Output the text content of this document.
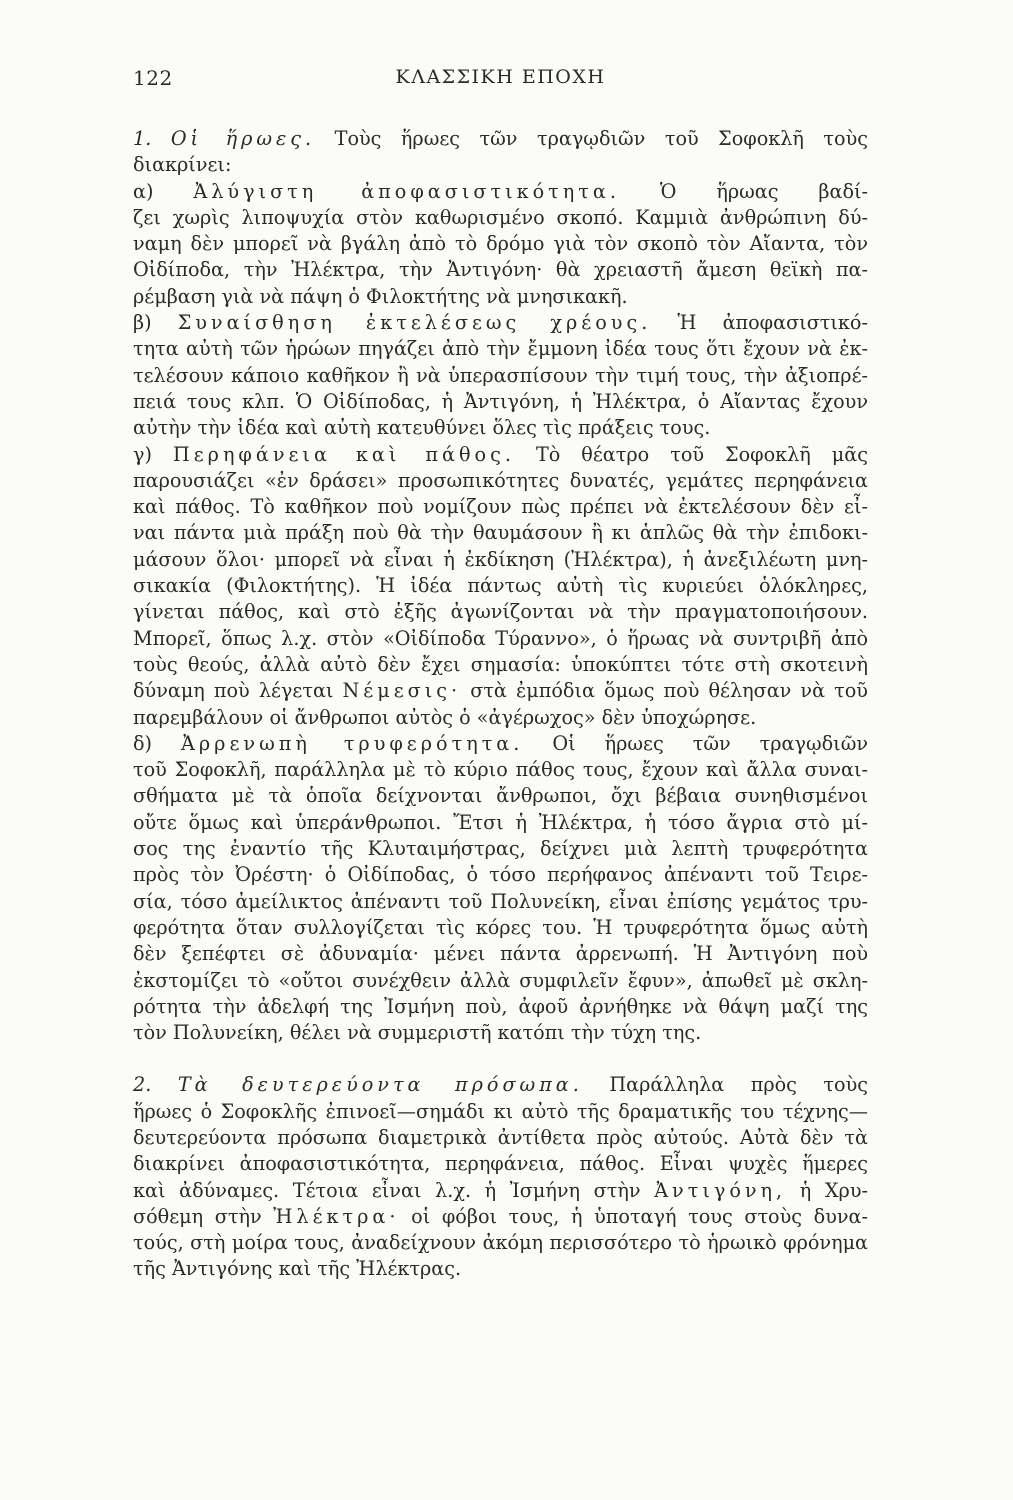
122	ΚΛΑΣΣΙΚΗ ΕΠΟΧΗ

1. Οἱ ἥρωες. Τοὺς ἥρωες τῶν τραγῳδιῶν τοῦ Σοφοκλῆ τοὺς
διακρίνει:

α) Ἀλύγιστη ἀποφασιστικότητα. Ὁ ἥρωας βαδί-
ζει χωρὶς λιποψυχία στὸν καθωρισμένο σκοπό. Καμμιὰ ἀνθρώπινη δύ-
ναμη δὲν μπορεῖ νὰ βγάλη ἀπὸ τὸ δρόμο γιὰ τὸν σκοπὸ τὸν Αἴαντα, τὸν
Οἰδίποδα, τὴν Ἠλέκτρα, τὴν Ἀντιγόνη· θὰ χρειαστῆ ἄμεση θεϊκὴ πα-
ρέμβαση γιὰ νὰ πάψη ὁ Φιλοκτήτης νὰ μνησικακῆ.

β) Συναίσθηση ἐκτελέσεως χρέους. Ἡ ἀποφασιστικό-
τητα αὐτὴ τῶν ἡρώων πηγάζει ἀπὸ τὴν ἔμμονη ἰδέα τους ὅτι ἔχουν νὰ ἐκ-
τελέσουν κάποιο καθῆκον ἢ νὰ ὑπερασπίσουν τὴν τιμή τους, τὴν ἀξιοπρέ-
πειά τους κλπ. Ὁ Οἰδίποδας, ἡ Ἀντιγόνη, ἡ Ἠλέκτρα, ὁ Αἴαντας ἔχουν
αὐτὴν τὴν ἰδέα καὶ αὐτὴ κατευθύνει ὅλες τὶς πράξεις τους.

γ) Περηφάνεια καὶ πάθος. Τὸ θέατρο τοῦ Σοφοκλῆ μᾶς
παρουσιάζει «ἐν δράσει» προσωπικότητες δυνατές, γεμάτες περηφάνεια
καὶ πάθος. Τὸ καθῆκον ποὺ νομίζουν πὼς πρέπει νὰ ἐκτελέσουν δὲν εἶ-
ναι πάντα μιὰ πράξη ποὺ θὰ τὴν θαυμάσουν ἢ κι ἁπλῶς θὰ τὴν ἐπιδοκι-
μάσουν ὅλοι· μπορεῖ νὰ εἶναι ἡ ἐκδίκηση (Ἠλέκτρα), ἡ ἀνεξιλέωτη μνη-
σικακία (Φιλοκτήτης). Ἡ ἰδέα πάντως αὐτὴ τὶς κυριεύει ὁλόκληρες,
γίνεται πάθος, καὶ στὸ ἑξῆς ἀγωνίζονται νὰ τὴν πραγματοποιήσουν.
Μπορεῖ, ὅπως λ.χ. στὸν «Οἰδίποδα Τύραννο», ὁ ἥρωας νὰ συντριβῆ ἀπὸ
τοὺς θεούς, ἀλλὰ αὐτὸ δὲν ἔχει σημασία: ὑποκύπτει τότε στὴ σκοτεινὴ
δύναμη ποὺ λέγεται Νέμεσις· στὰ ἐμπόδια ὅμως ποὺ θέλησαν νὰ τοῦ
παρεμβάλουν οἱ ἄνθρωποι αὐτὸς ὁ «ἀγέρωχος» δὲν ὑποχώρησε.

δ) Ἀρρενωπὴ τρυφερότητα. Οἱ ἥρωες τῶν τραγῳδιῶν
τοῦ Σοφοκλῆ, παράλληλα μὲ τὸ κύριο πάθος τους, ἔχουν καὶ ἄλλα συναι-
σθήματα μὲ τὰ ὁποῖα δείχνονται ἄνθρωποι, ὄχι βέβαια συνηθισμένοι
οὔτε ὅμως καὶ ὑπεράνθρωποι. Ἔτσι ἡ Ἠλέκτρα, ἡ τόσο ἄγρια στὸ μί-
σος της ἐναντίο τῆς Κλυταιμήστρας, δείχνει μιὰ λεπτὴ τρυφερότητα
πρὸς τὸν Ὀρέστη· ὁ Οἰδίποδας, ὁ τόσο περήφανος ἀπέναντι τοῦ Τειρε-
σία, τόσο ἀμείλικτος ἀπέναντι τοῦ Πολυνείκη, εἶναι ἐπίσης γεμάτος τρυ-
φερότητα ὅταν συλλογίζεται τὶς κόρες του. Ἡ τρυφερότητα ὅμως αὐτὴ
δὲν ξεπέφτει σὲ ἀδυναμία· μένει πάντα ἀρρενωπή. Ἡ Ἀντιγόνη ποὺ
ἐκστομίζει τὸ «οὔτοι συνέχθειν ἀλλὰ συμφιλεῖν ἔφυν», ἀπωθεῖ μὲ σκλη-
ρότητα τὴν ἀδελφή της Ἰσμήνη ποὺ, ἀφοῦ ἀρνήθηκε νὰ θάψη μαζί της
τὸν Πολυνείκη, θέλει νὰ συμμεριστῆ κατόπι τὴν τύχη της.

2. Τὰ δευτερεύοντα πρόσωπα. Παράλληλα πρὸς τοὺς
ἥρωες ὁ Σοφοκλῆς ἐπινοεῖ—σημάδι κι αὐτὸ τῆς δραματικῆς του τέχνης—
δευτερεύοντα πρόσωπα διαμετρικὰ ἀντίθετα πρὸς αὐτούς. Αὐτὰ δὲν τὰ
διακρίνει ἀποφασιστικότητα, περηφάνεια, πάθος. Εἶναι ψυχὲς ἥμερες
καὶ ἀδύναμες. Τέτοια εἶναι λ.χ. ἡ Ἰσμήνη στὴν Ἀντιγόνη, ἡ Χρυ-
σόθεμη στὴν Ἠλέκτρα· οἱ φόβοι τους, ἡ ὑποταγή τους στοὺς δυνα-
τούς, στὴ μοίρα τους, ἀναδείχνουν ἀκόμη περισσότερο τὸ ἡρωικὸ φρόνημα
τῆς Ἀντιγόνης καὶ τῆς Ἠλέκτρας.
